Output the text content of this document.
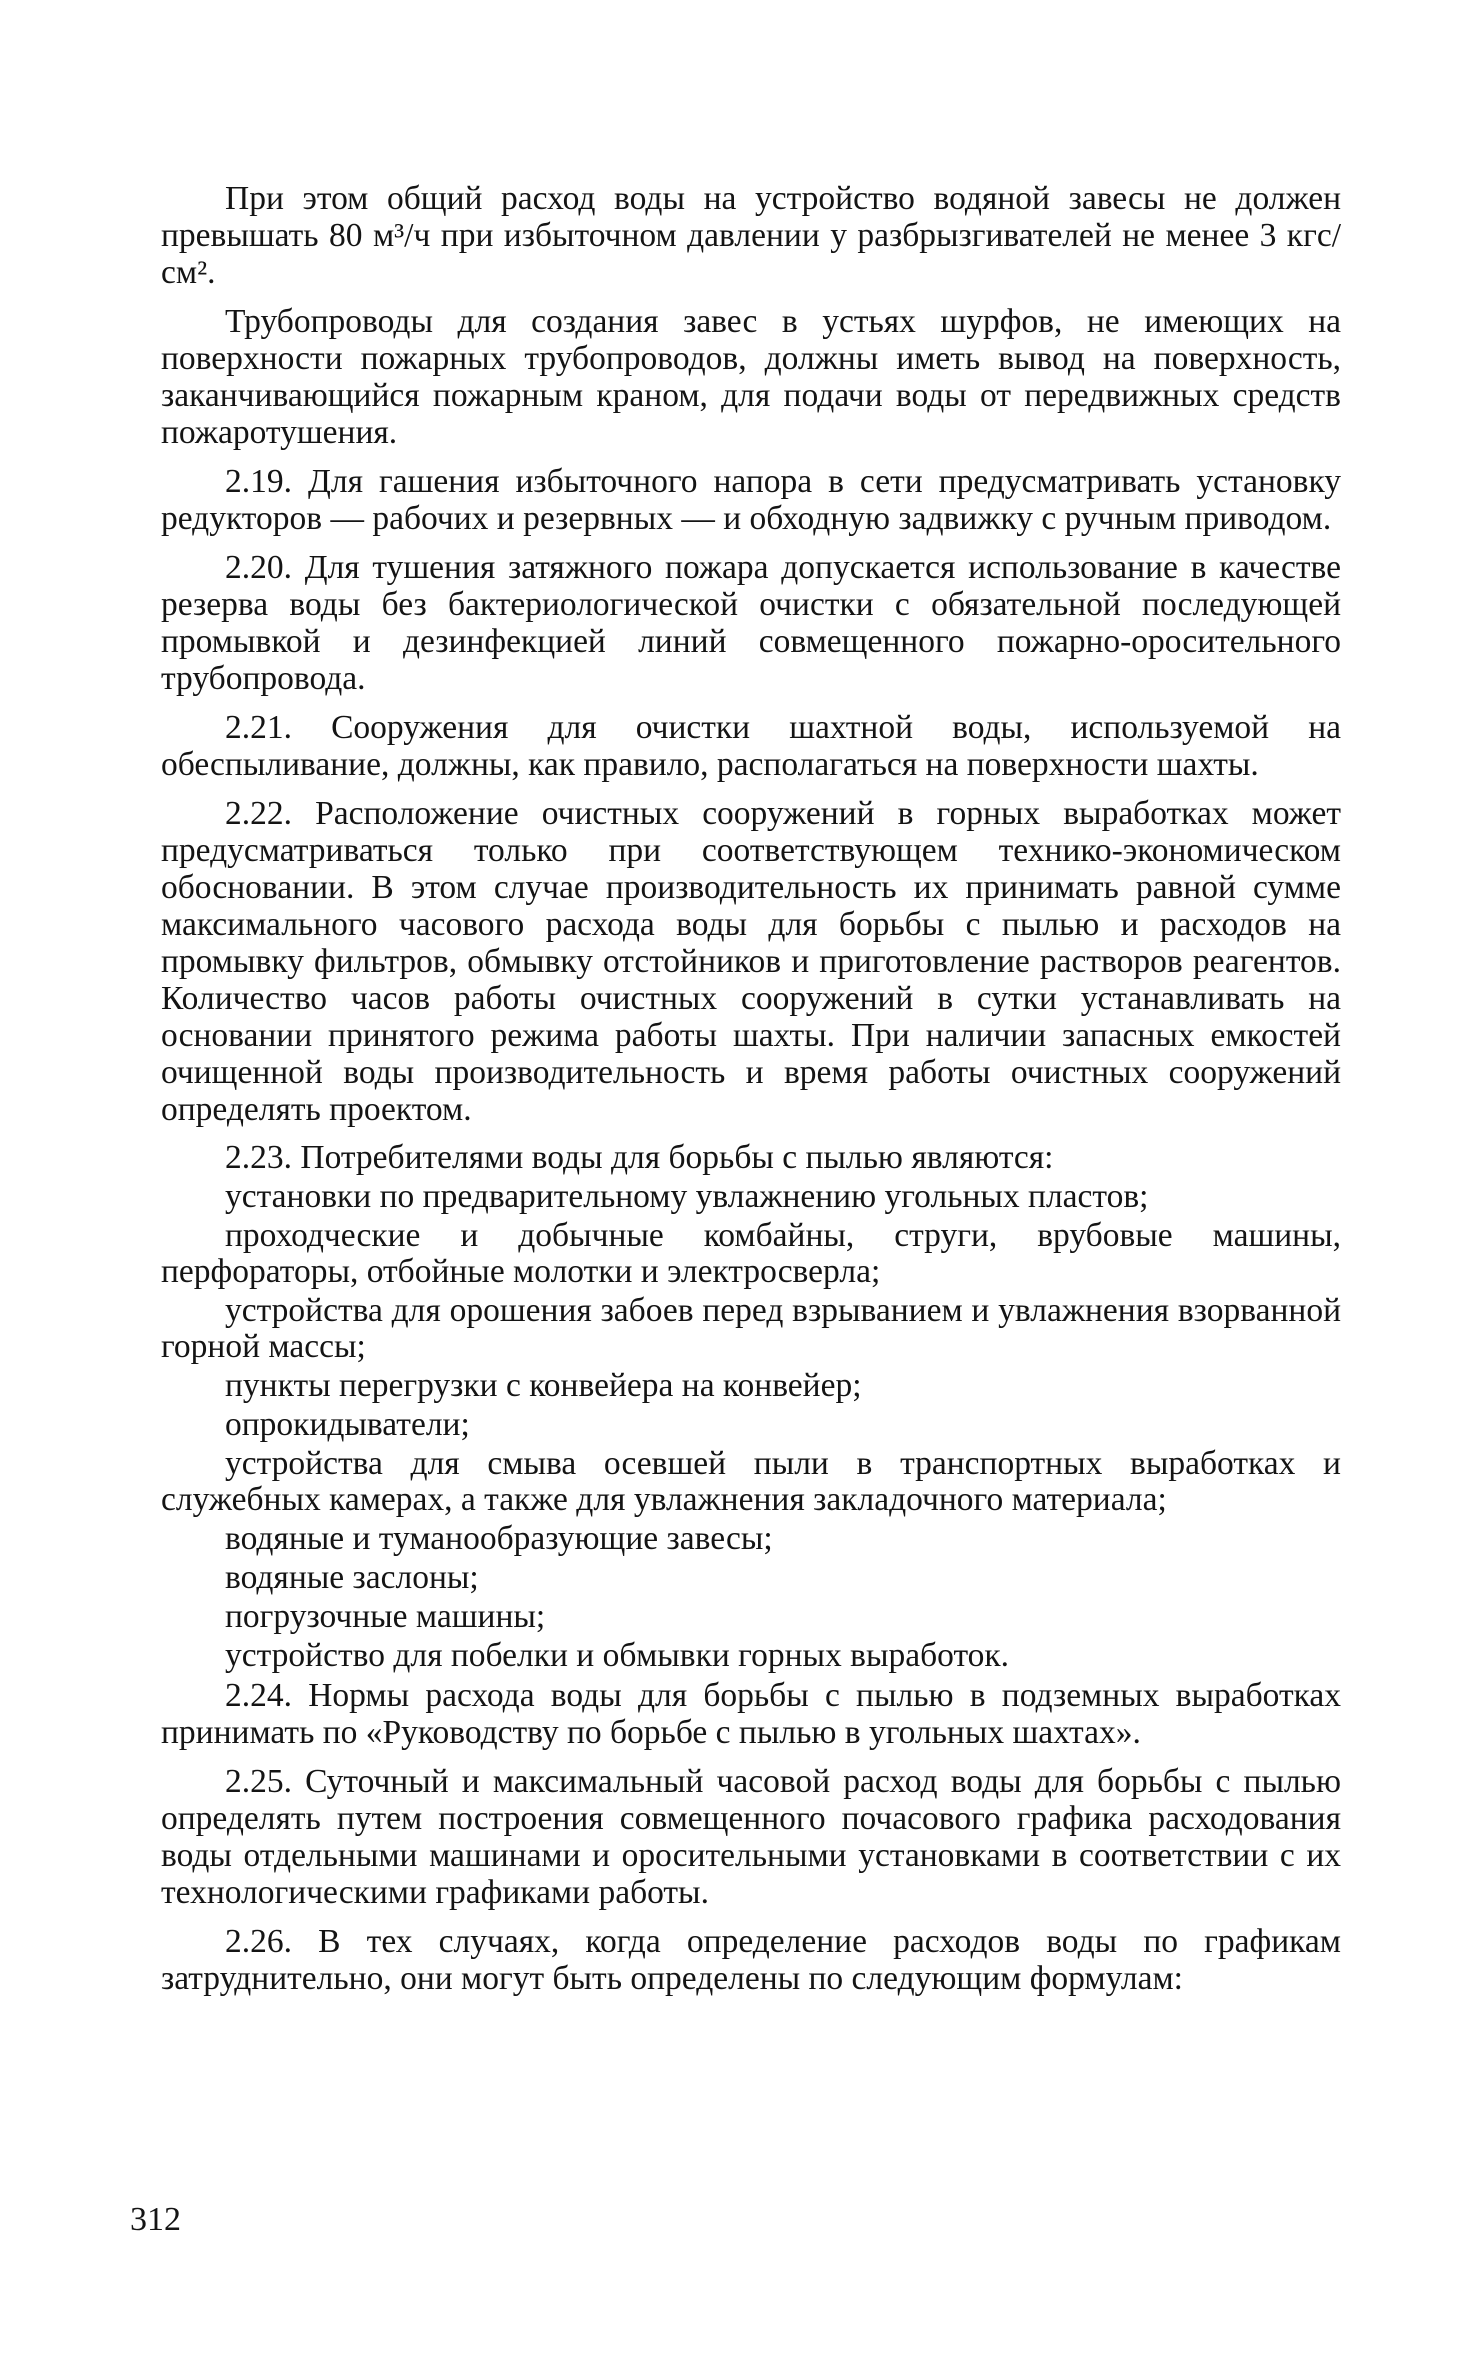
При этом общий расход воды на устройство водяной завесы не должен превышать 80 м³/ч при избыточном давлении у разбрызгивателей не менее 3 кгс/см².

Трубопроводы для создания завес в устьях шурфов, не имеющих на поверхности пожарных трубопроводов, должны иметь вывод на поверхность, заканчивающийся пожарным краном, для подачи воды от передвижных средств пожаротушения.

2.19. Для гашения избыточного напора в сети предусматривать установку редукторов — рабочих и резервных — и обходную задвижку с ручным приводом.

2.20. Для тушения затяжного пожара допускается использование в качестве резерва воды без бактериологической очистки с обязательной последующей промывкой и дезинфекцией линий совмещенного пожарно-оросительного трубопровода.

2.21. Сооружения для очистки шахтной воды, используемой на обеспыливание, должны, как правило, располагаться на поверхности шахты.

2.22. Расположение очистных сооружений в горных выработках может предусматриваться только при соответствующем технико-экономическом обосновании. В этом случае производительность их принимать равной сумме максимального часового расхода воды для борьбы с пылью и расходов на промывку фильтров, обмывку отстойников и приготовление растворов реагентов. Количество часов работы очистных сооружений в сутки устанавливать на основании принятого режима работы шахты. При наличии запасных емкостей очищенной воды производительность и время работы очистных сооружений определять проектом.

2.23. Потребителями воды для борьбы с пылью являются:

установки по предварительному увлажнению угольных пластов;

проходческие и добычные комбайны, струги, врубовые машины, перфораторы, отбойные молотки и электросверла;

устройства для орошения забоев перед взрыванием и увлажнения взорванной горной массы;

пункты перегрузки с конвейера на конвейер;

опрокидыватели;

устройства для смыва осевшей пыли в транспортных выработках и служебных камерах, а также для увлажнения закладочного материала;

водяные и туманообразующие завесы;

водяные заслоны;

погрузочные машины;

устройство для побелки и обмывки горных выработок.

2.24. Нормы расхода воды для борьбы с пылью в подземных выработках принимать по «Руководству по борьбе с пылью в угольных шахтах».

2.25. Суточный и максимальный часовой расход воды для борьбы с пылью определять путем построения совмещенного почасового графика расходования воды отдельными машинами и оросительными установками в соответствии с их технологическими графиками работы.

2.26. В тех случаях, когда определение расходов воды по графикам затруднительно, они могут быть определены по следующим формулам:

312
